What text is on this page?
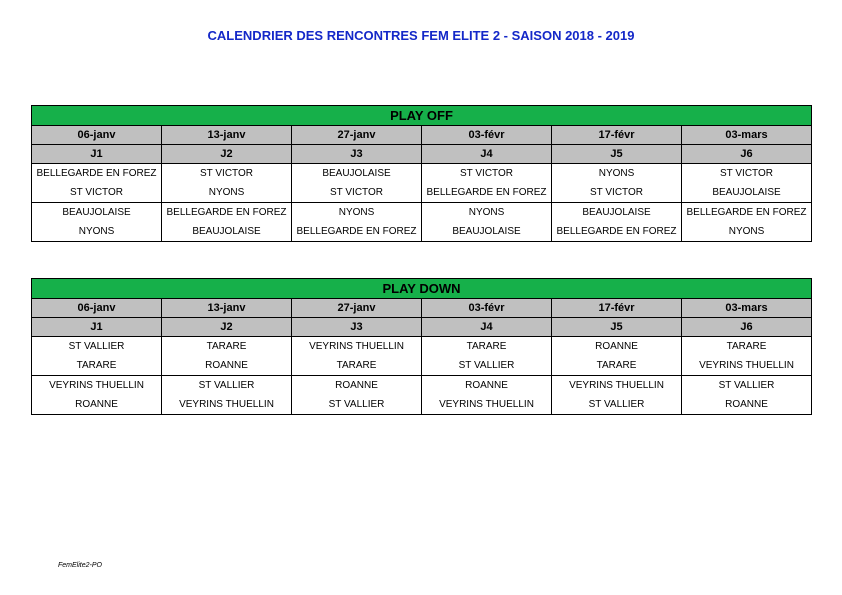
CALENDRIER DES RENCONTRES FEM ELITE 2 - SAISON 2018 - 2019
PLAY OFF					
06-janv	13-janv	27-janv	03-févr	17-févr	03-mars
J1	J2	J3	J4	J5	J6
BELLEGARDE EN FOREZ	ST VICTOR	BEAUJOLAISE	ST VICTOR	NYONS	ST VICTOR
ST VICTOR	NYONS	ST VICTOR	BELLEGARDE EN FOREZ	ST VICTOR	BEAUJOLAISE
BEAUJOLAISE	BELLEGARDE EN FOREZ	NYONS	NYONS	BEAUJOLAISE	BELLEGARDE EN FOREZ
NYONS	BEAUJOLAISE	BELLEGARDE EN FOREZ	BEAUJOLAISE	BELLEGARDE EN FOREZ	NYONS
PLAY DOWN					
06-janv	13-janv	27-janv	03-févr	17-févr	03-mars
J1	J2	J3	J4	J5	J6
ST VALLIER	TARARE	VEYRINS THUELLIN	TARARE	ROANNE	TARARE
TARARE	ROANNE	TARARE	ST VALLIER	TARARE	VEYRINS THUELLIN
VEYRINS THUELLIN	ST VALLIER	ROANNE	ROANNE	VEYRINS THUELLIN	ST VALLIER
ROANNE	VEYRINS THUELLIN	ST VALLIER	VEYRINS THUELLIN	ST VALLIER	ROANNE
FemElite2-PO
